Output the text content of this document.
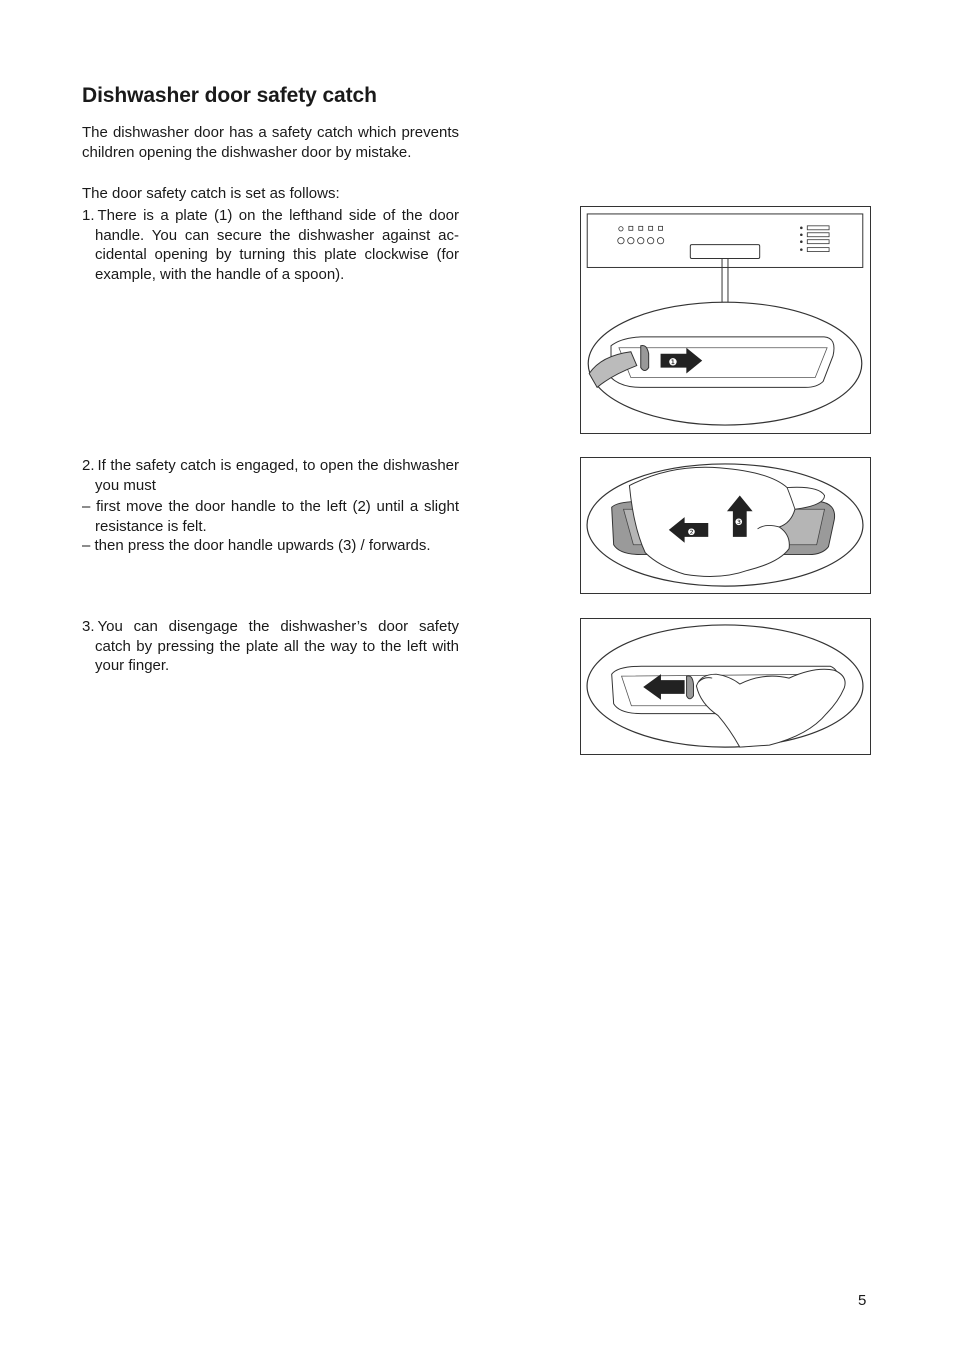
Dishwasher door safety catch

The dishwasher door has a safety catch which prevents children opening the dishwasher door by mistake.

The door safety catch is set as follows:

1. There is a plate (1) on the lefthand side of the door handle. You can secure the dishwasher against accidental opening by turning this plate clockwise (for example, with the handle of a spoon).

2. If the safety catch is engaged, to open the dishwasher you must

– first move the door handle to the left (2) until a slight resistance is felt.

– then press the door handle upwards (3) / forwards.

3. You can disengage the dishwasher’s door safety catch by pressing the plate all the way to the left with your finger.

❶
❷
❸
5
